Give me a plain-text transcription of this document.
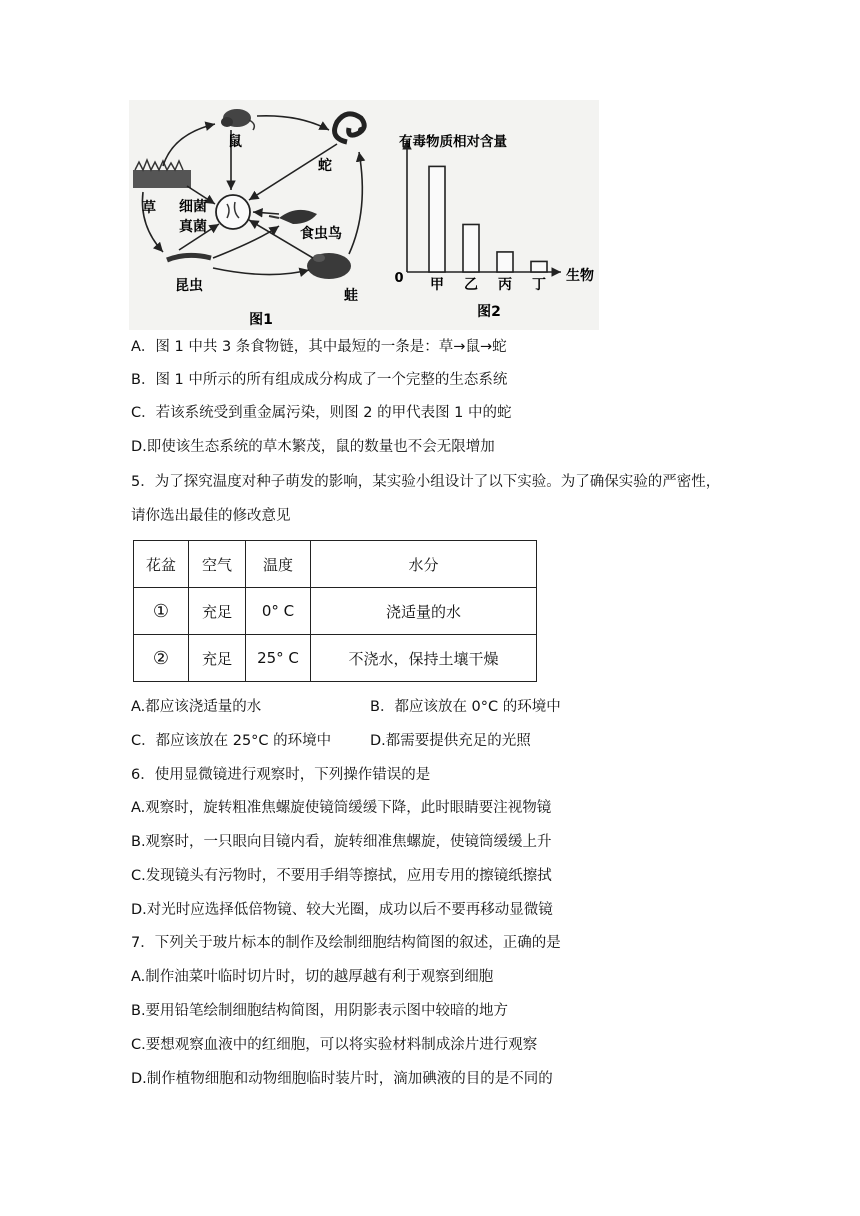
鼠
蛇
草 细菌
真菌	食虫鸟
昆虫
蛙
图1
有毒物质相对含量
生物
0 甲 乙 丙 丁
图2
A．图 1 中共 3 条食物链，其中最短的一条是：草→鼠→蛇
B．图 1 中所示的所有组成成分构成了一个完整的生态系统
C．若该系统受到重金属污染，则图 2 的甲代表图 1 中的蛇
D.即使该生态系统的草木繁茂，鼠的数量也不会无限增加
5．为了探究温度对种子萌发的影响，某实验小组设计了以下实验。为了确保实验的严密性，
请你选出最佳的修改意见
花盆	空气	温度	水分
①	充足	0° C	浇适量的水
②	充足	25° C	不浇水，保持土壤干燥
A.都应该浇适量的水	B．都应该放在 0°C 的环境中
C．都应该放在 25°C 的环境中	D.都需要提供充足的光照
6．使用显微镜进行观察时，下列操作错误的是
A.观察时，旋转粗准焦螺旋使镜筒缓缓下降，此时眼睛要注视物镜
B.观察时，一只眼向目镜内看，旋转细准焦螺旋，使镜筒缓缓上升
C.发现镜头有污物时，不要用手绢等擦拭，应用专用的擦镜纸擦拭
D.对光时应选择低倍物镜、较大光圈，成功以后不要再移动显微镜
7．下列关于玻片标本的制作及绘制细胞结构简图的叙述，正确的是
A.制作油菜叶临时切片时，切的越厚越有利于观察到细胞
B.要用铅笔绘制细胞结构简图，用阴影表示图中较暗的地方
C.要想观察血液中的红细胞，可以将实验材料制成涂片进行观察
D.制作植物细胞和动物细胞临时装片时，滴加碘液的目的是不同的
